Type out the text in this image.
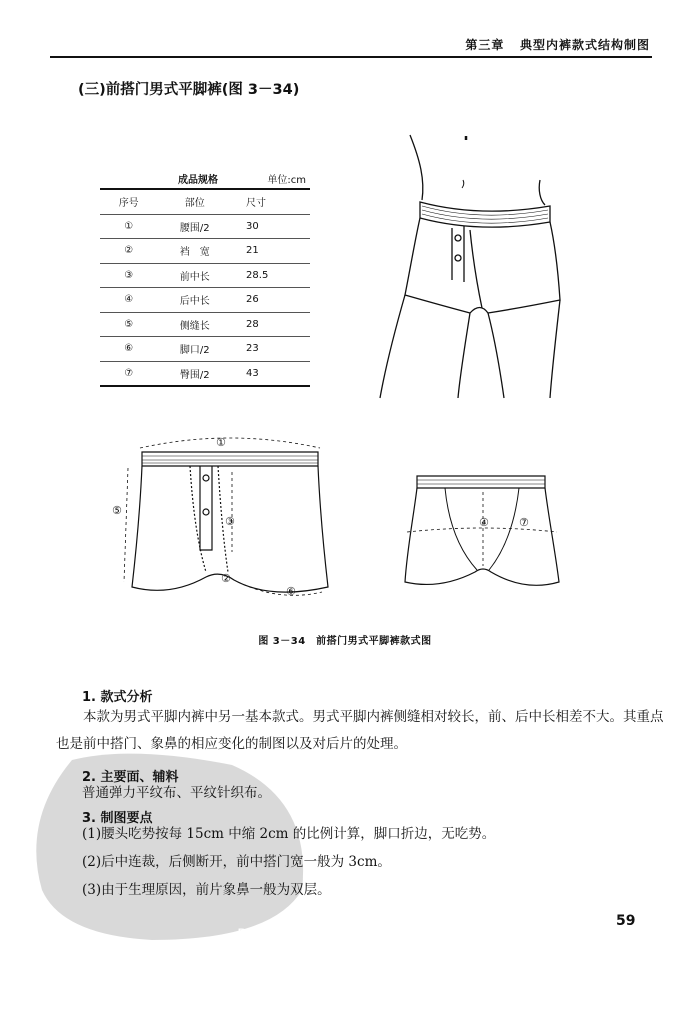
第三章 典型内裤款式结构制图
(三)前搭门男式平脚裤(图 3－34)
成品规格	单位:cm
序号	部位	尺寸
①	腰围/2	30
②	裆　宽	21
③	前中长	28.5
④	后中长	26
⑤	侧缝长	28
⑥	脚口/2	23
⑦	臀围/2	43
①
⑤
③
②
⑥
④	⑦
图 3－34　前搭门男式平脚裤款式图
PDG
1. 款式分析
本款为男式平脚内裤中另一基本款式。男式平脚内裤侧缝相对较长，前、后中长相差不大。其重点也是前中搭门、象鼻的相应变化的制图以及对后片的处理。
2. 主要面、辅料
普通弹力平纹布、平纹针织布。
3. 制图要点
(1)腰头吃势按每 15cm 中缩 2cm 的比例计算，脚口折边，无吃势。
(2)后中连裁，后侧断开，前中搭门宽一般为 3cm。
(3)由于生理原因，前片象鼻一般为双层。
59
